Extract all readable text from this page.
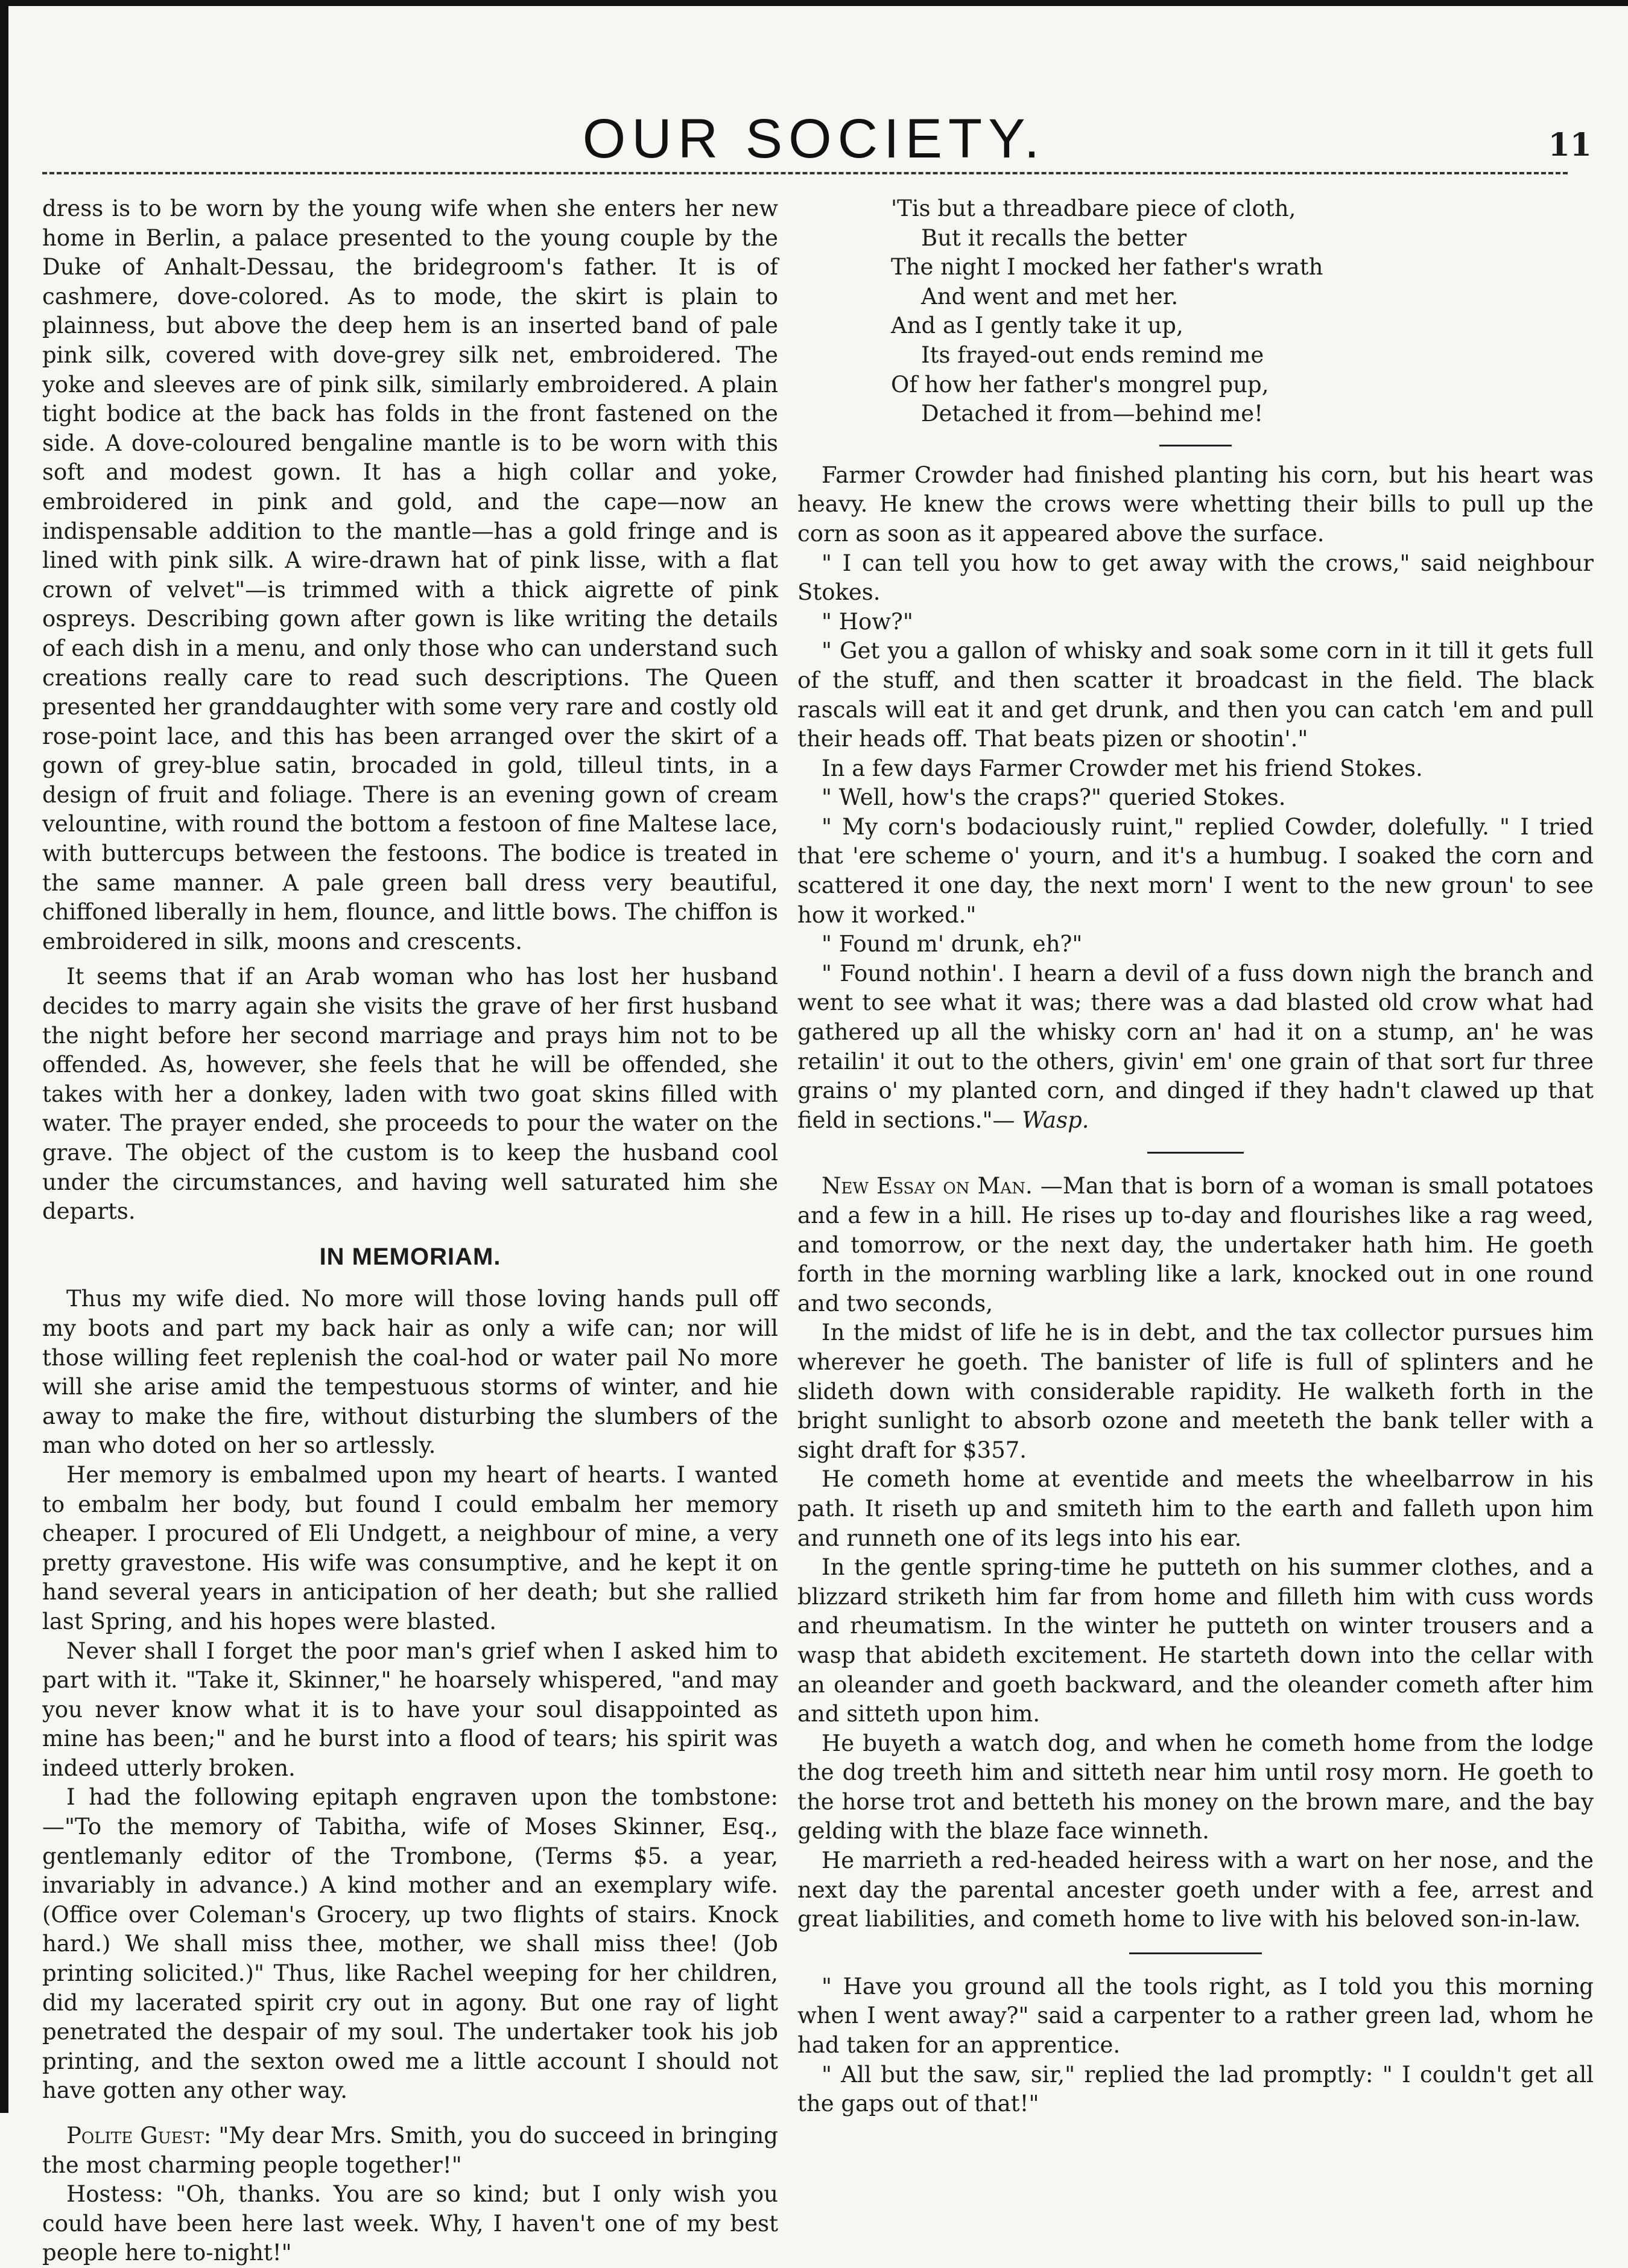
OUR SOCIETY.	11

dress is to be worn by the young wife when she enters her new home in Berlin, a palace presented to the young couple by the Duke of Anhalt-Dessau, the bridegroom's father. It is of cashmere, dove-colored. As to mode, the skirt is plain to plainness, but above the deep hem is an inserted band of pale pink silk, covered with dove-grey silk net, embroidered. The yoke and sleeves are of pink silk, similarly embroidered. A plain tight bodice at the back has folds in the front fastened on the side. A dove-coloured bengaline mantle is to be worn with this soft and modest gown. It has a high collar and yoke, embroidered in pink and gold, and the cape—now an indispensable addition to the mantle—has a gold fringe and is lined with pink silk. A wire-drawn hat of pink lisse, with a flat crown of velvet"—is trimmed with a thick aigrette of pink ospreys. Describing gown after gown is like writing the details of each dish in a menu, and only those who can understand such creations really care to read such descriptions. The Queen presented her granddaughter with some very rare and costly old rose-point lace, and this has been arranged over the skirt of a gown of grey-blue satin, brocaded in gold, tilleul tints, in a design of fruit and foliage. There is an evening gown of cream velountine, with round the bottom a festoon of fine Maltese lace, with buttercups between the festoons. The bodice is treated in the same manner. A pale green ball dress very beautiful, chiffoned liberally in hem, flounce, and little bows. The chiffon is embroidered in silk, moons and crescents.

It seems that if an Arab woman who has lost her husband decides to marry again she visits the grave of her first husband the night before her second marriage and prays him not to be offended. As, however, she feels that he will be offended, she takes with her a donkey, laden with two goat skins filled with water. The prayer ended, she proceeds to pour the water on the grave. The object of the custom is to keep the husband cool under the circumstances, and having well saturated him she departs.

IN MEMORIAM.

Thus my wife died. No more will those loving hands pull off my boots and part my back hair as only a wife can; nor will those willing feet replenish the coal-hod or water pail No more will she arise amid the tempestuous storms of winter, and hie away to make the fire, without disturbing the slumbers of the man who doted on her so artlessly.

Her memory is embalmed upon my heart of hearts. I wanted to embalm her body, but found I could embalm her memory cheaper. I procured of Eli Undgett, a neighbour of mine, a very pretty gravestone. His wife was consumptive, and he kept it on hand several years in anticipation of her death; but she rallied last Spring, and his hopes were blasted.

Never shall I forget the poor man's grief when I asked him to part with it. "Take it, Skinner," he hoarsely whispered, "and may you never know what it is to have your soul disappointed as mine has been;" and he burst into a flood of tears; his spirit was indeed utterly broken.

I had the following epitaph engraven upon the tombstone:—"To the memory of Tabitha, wife of Moses Skinner, Esq., gentlemanly editor of the Trombone, (Terms $5. a year, invariably in advance.) A kind mother and an exemplary wife. (Office over Coleman's Grocery, up two flights of stairs. Knock hard.) We shall miss thee, mother, we shall miss thee! (Job printing solicited.)" Thus, like Rachel weeping for her children, did my lacerated spirit cry out in agony. But one ray of light penetrated the despair of my soul. The undertaker took his job printing, and the sexton owed me a little account I should not have gotten any other way.

Polite Guest: "My dear Mrs. Smith, you do succeed in bringing the most charming people together!"

Hostess: "Oh, thanks. You are so kind; but I only wish you could have been here last week. Why, I haven't one of my best people here to-night!"

'Tis but a threadbare piece of cloth,
But it recalls the better
The night I mocked her father's wrath
And went and met her.
And as I gently take it up,
Its frayed-out ends remind me
Of how her father's mongrel pup,
Detached it from—behind me!

Farmer Crowder had finished planting his corn, but his heart was heavy. He knew the crows were whetting their bills to pull up the corn as soon as it appeared above the surface.

" I can tell you how to get away with the crows," said neighbour Stokes.

" How?"

" Get you a gallon of whisky and soak some corn in it till it gets full of the stuff, and then scatter it broadcast in the field. The black rascals will eat it and get drunk, and then you can catch 'em and pull their heads off. That beats pizen or shootin'."

In a few days Farmer Crowder met his friend Stokes.

" Well, how's the craps?" queried Stokes.

" My corn's bodaciously ruint," replied Cowder, dolefully. " I tried that 'ere scheme o' yourn, and it's a humbug. I soaked the corn and scattered it one day, the next morn' I went to the new groun' to see how it worked."

" Found m' drunk, eh?"

" Found nothin'. I hearn a devil of a fuss down nigh the branch and went to see what it was; there was a dad blasted old crow what had gathered up all the whisky corn an' had it on a stump, an' he was retailin' it out to the others, givin' em' one grain of that sort fur three grains o' my planted corn, and dinged if they hadn't clawed up that field in sections."— Wasp.

New Essay on Man. —Man that is born of a woman is small potatoes and a few in a hill. He rises up to-day and flourishes like a rag weed, and tomorrow, or the next day, the undertaker hath him. He goeth forth in the morning warbling like a lark, knocked out in one round and two seconds,

In the midst of life he is in debt, and the tax collector pursues him wherever he goeth. The banister of life is full of splinters and he slideth down with considerable rapidity. He walketh forth in the bright sunlight to absorb ozone and meeteth the bank teller with a sight draft for $357.

He cometh home at eventide and meets the wheelbarrow in his path. It riseth up and smiteth him to the earth and falleth upon him and runneth one of its legs into his ear.

In the gentle spring-time he putteth on his summer clothes, and a blizzard striketh him far from home and filleth him with cuss words and rheumatism. In the winter he putteth on winter trousers and a wasp that abideth excitement. He starteth down into the cellar with an oleander and goeth backward, and the oleander cometh after him and sitteth upon him.

He buyeth a watch dog, and when he cometh home from the lodge the dog treeth him and sitteth near him until rosy morn. He goeth to the horse trot and betteth his money on the brown mare, and the bay gelding with the blaze face winneth.

He marrieth a red-headed heiress with a wart on her nose, and the next day the parental ancester goeth under with a fee, arrest and great liabilities, and cometh home to live with his beloved son-in-law.

" Have you ground all the tools right, as I told you this morning when I went away?" said a carpenter to a rather green lad, whom he had taken for an apprentice.

" All but the saw, sir," replied the lad promptly: " I couldn't get all the gaps out of that!"
